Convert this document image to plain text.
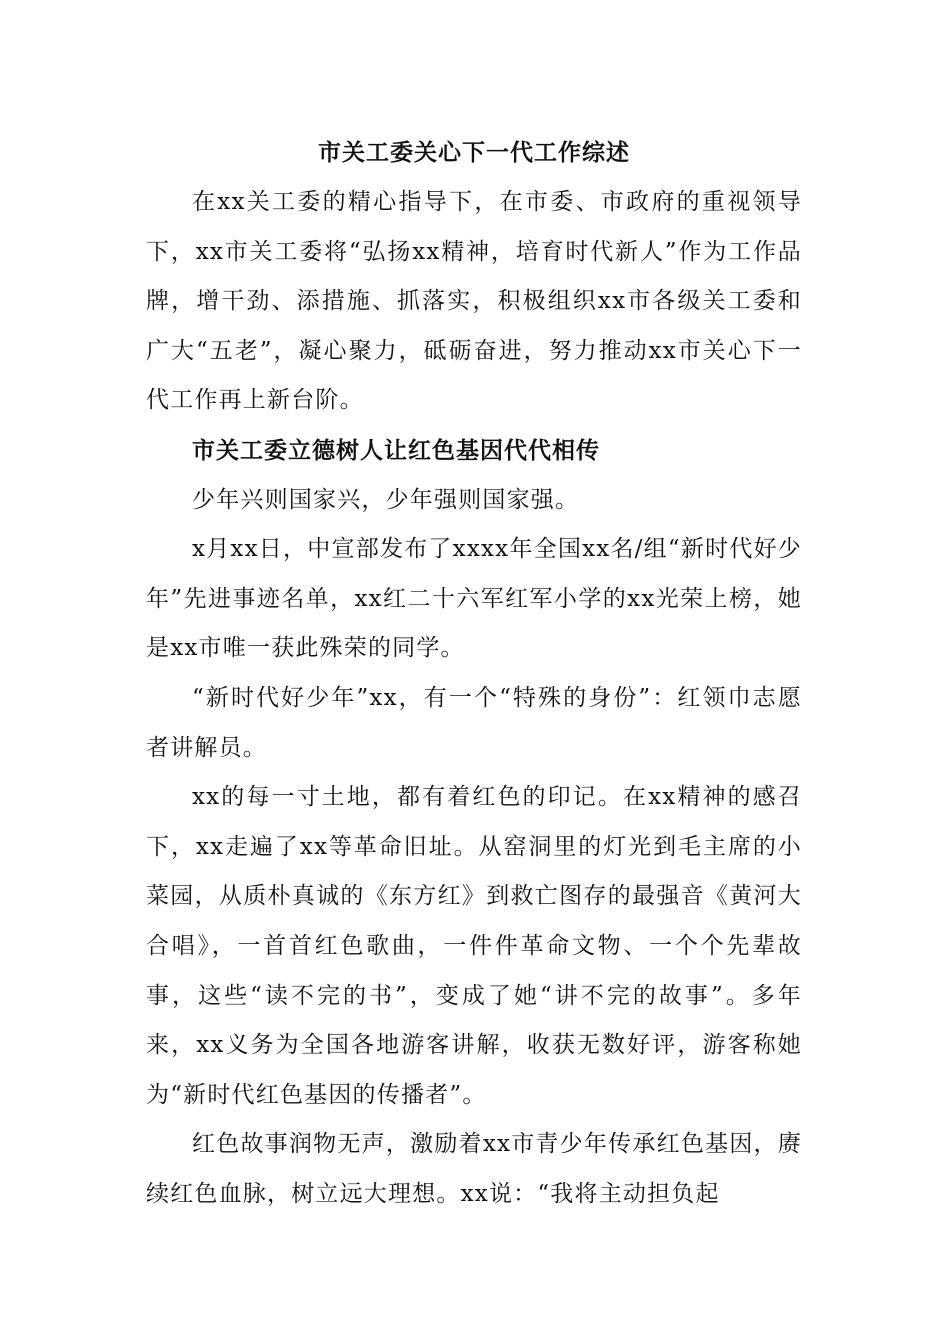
市关工委关心下一代工作综述

在xx关工委的精心指导下，在市委、市政府的重视领导下，xx市关工委将“弘扬xx精神，培育时代新人”作为工作品牌，增干劲、添措施、抓落实，积极组织xx市各级关工委和广大“五老”，凝心聚力，砥砺奋进，努力推动xx市关心下一代工作再上新台阶。

市关工委立德树人让红色基因代代相传

少年兴则国家兴，少年强则国家强。

x月xx日，中宣部发布了xxxx年全国xx名/组“新时代好少年”先进事迹名单，xx红二十六军红军小学的xx光荣上榜，她是xx市唯一获此殊荣的同学。

“新时代好少年”xx，有一个“特殊的身份”：红领巾志愿者讲解员。

xx的每一寸土地，都有着红色的印记。在xx精神的感召下，xx走遍了xx等革命旧址。从窑洞里的灯光到毛主席的小菜园，从质朴真诚的《东方红》到救亡图存的最强音《黄河大合唱》，一首首红色歌曲，一件件革命文物、一个个先辈故事，这些“读不完的书”，变成了她“讲不完的故事”。多年来，xx义务为全国各地游客讲解，收获无数好评，游客称她为“新时代红色基因的传播者”。

红色故事润物无声，激励着xx市青少年传承红色基因，赓续红色血脉，树立远大理想。xx说：“我将主动担负起
